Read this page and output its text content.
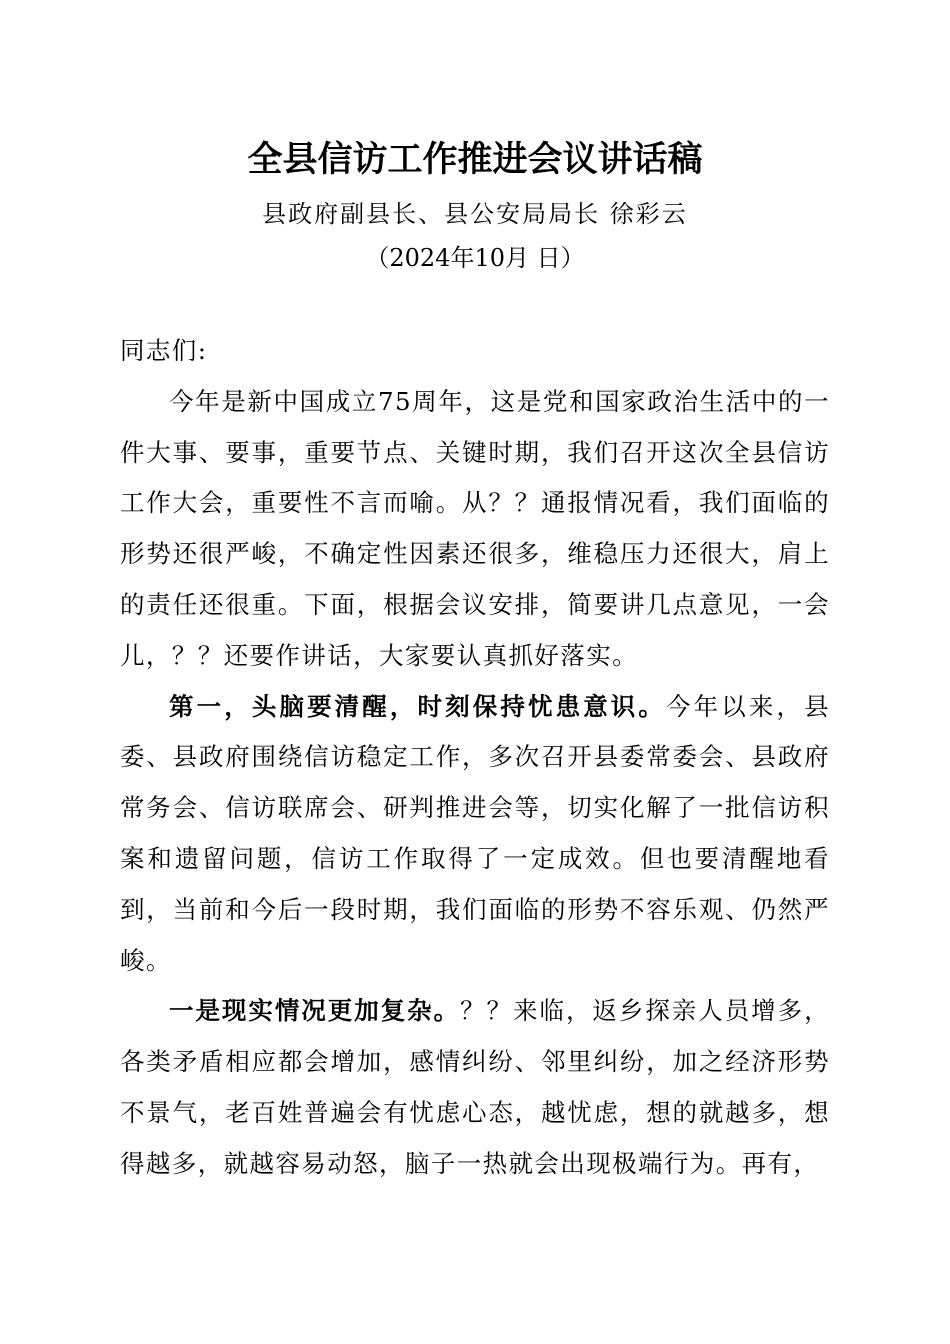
全县信访工作推进会议讲话稿
县政府副县长、县公安局局长 徐彩云
（2024年10月 日）

同志们:

今年是新中国成立75周年，这是党和国家政治生活中的一件大事、要事，重要节点、关键时期，我们召开这次全县信访工作大会，重要性不言而喻。从？？通报情况看，我们面临的形势还很严峻，不确定性因素还很多，维稳压力还很大，肩上的责任还很重。下面，根据会议安排，简要讲几点意见，一会儿，？？还要作讲话，大家要认真抓好落实。

第一，头脑要清醒，时刻保持忧患意识。今年以来，县委、县政府围绕信访稳定工作，多次召开县委常委会、县政府常务会、信访联席会、研判推进会等，切实化解了一批信访积案和遗留问题，信访工作取得了一定成效。但也要清醒地看到，当前和今后一段时期，我们面临的形势不容乐观、仍然严峻。

一是现实情况更加复杂。？？来临，返乡探亲人员增多，各类矛盾相应都会增加，感情纠纷、邻里纠纷，加之经济形势不景气，老百姓普遍会有忧虑心态，越忧虑，想的就越多，想得越多，就越容易动怒，脑子一热就会出现极端行为。再有，
